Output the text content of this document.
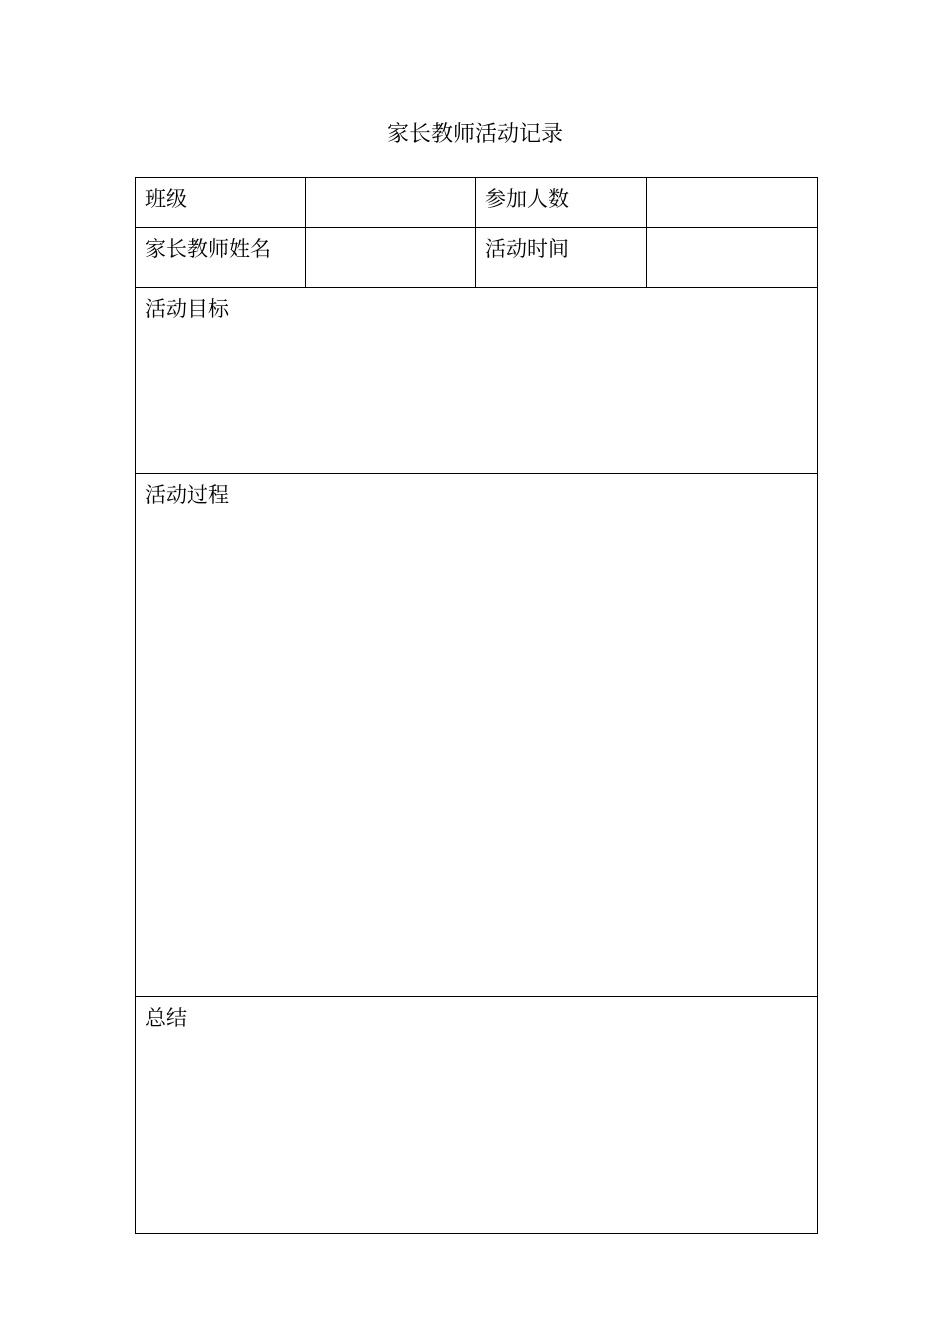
家长教师活动记录
班级		参加人数	
家长教师姓名		活动时间	
活动目标			
活动过程			
总结			
